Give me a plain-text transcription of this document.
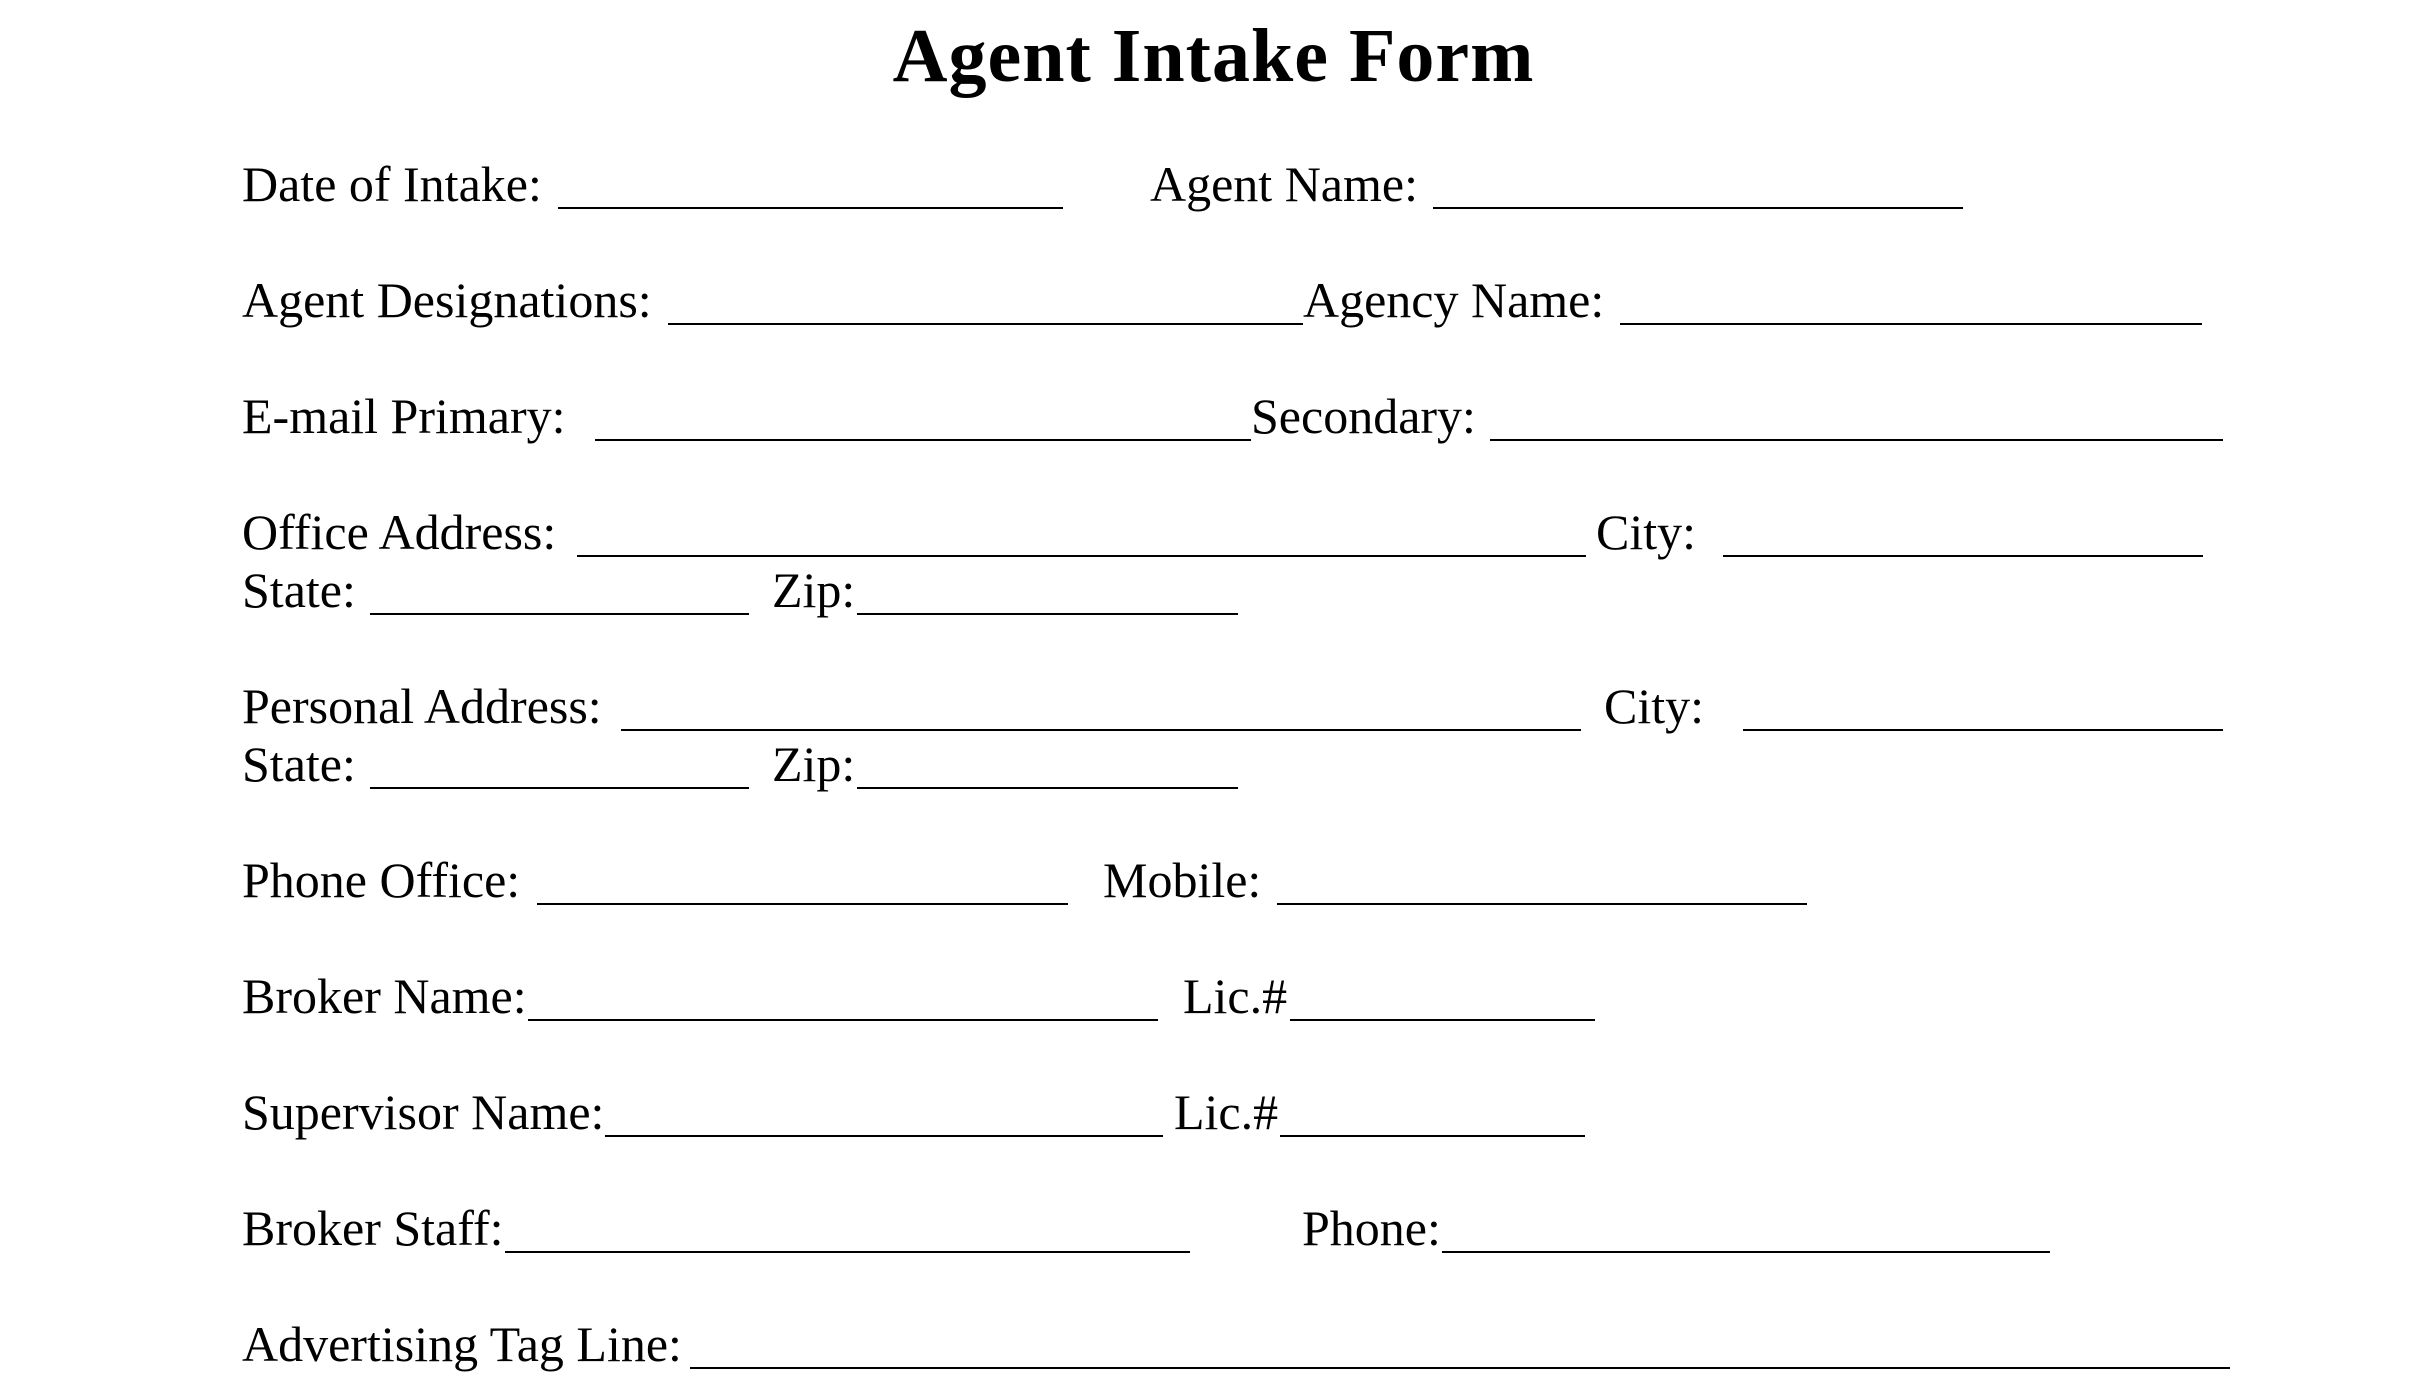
Agent Intake Form
Date of Intake:	Agent Name:
Agent Designations:	Agency Name:
E-mail Primary:	Secondary:
Office Address:	City:
State:	Zip:
Personal Address:	City:
State:	Zip:
Phone Office:	Mobile:
Broker Name:	Lic.#
Supervisor Name:	Lic.#
Broker Staff:	Phone:
Advertising Tag Line:
